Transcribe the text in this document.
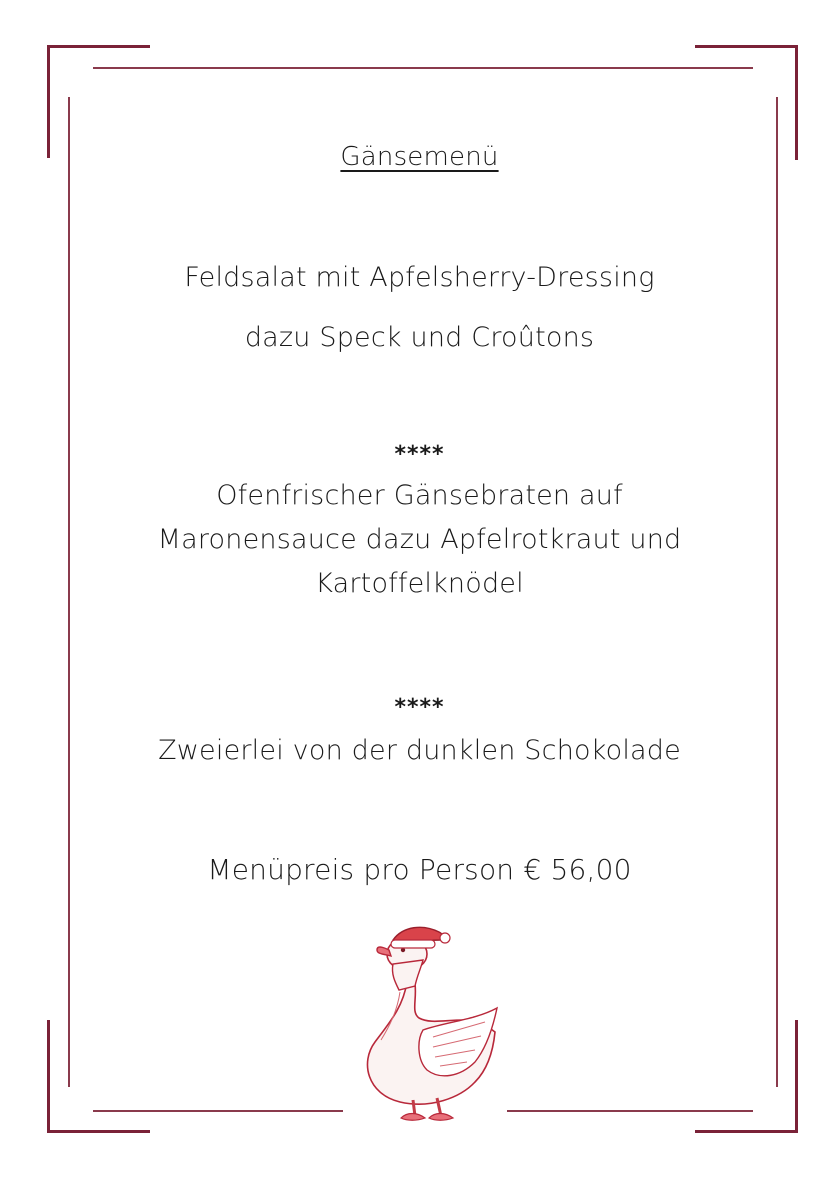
Gänsemenü
Feldsalat mit Apfelsherry-Dressing
dazu Speck und Croûtons
****
Ofenfrischer Gänsebraten auf
Maronensauce dazu Apfelrotkraut und
Kartoffelknödel
****
Zweierlei von der dunklen Schokolade
Menüpreis pro Person € 56,00
